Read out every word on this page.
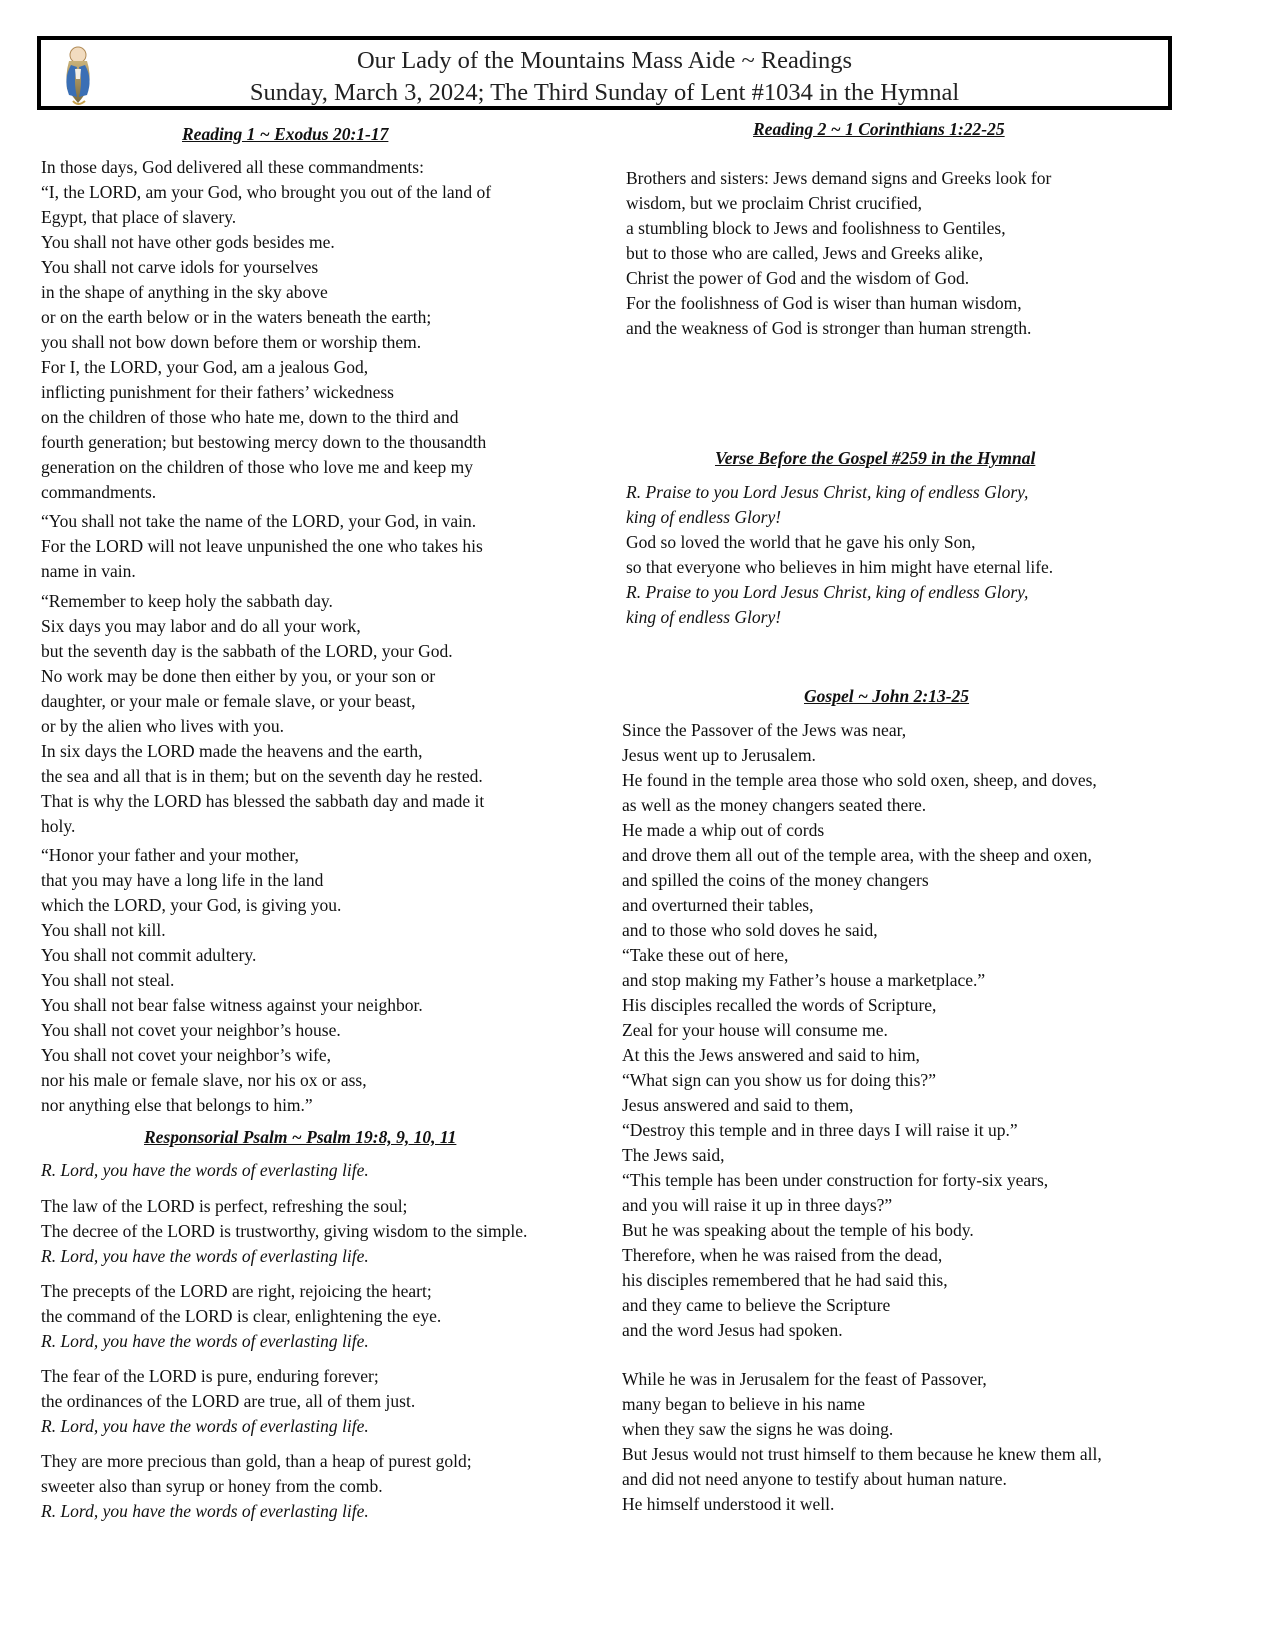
Our Lady of the Mountains Mass Aide ~ Readings
Sunday, March 3, 2024; The Third Sunday of Lent #1034 in the Hymnal
Reading 1 ~ Exodus 20:1-17
In those days, God delivered all these commandments:
“I, the LORD, am your God, who brought you out of the land of
Egypt, that place of slavery.
You shall not have other gods besides me.
You shall not carve idols for yourselves
in the shape of anything in the sky above
or on the earth below or in the waters beneath the earth;
you shall not bow down before them or worship them.
For I, the LORD, your God, am a jealous God,
inflicting punishment for their fathers’ wickedness
on the children of those who hate me, down to the third and
fourth generation; but bestowing mercy down to the thousandth
generation on the children of those who love me and keep my
commandments.
“You shall not take the name of the LORD, your God, in vain.
For the LORD will not leave unpunished the one who takes his
name in vain.
“Remember to keep holy the sabbath day.
Six days you may labor and do all your work,
but the seventh day is the sabbath of the LORD, your God.
No work may be done then either by you, or your son or
daughter, or your male or female slave, or your beast,
or by the alien who lives with you.
In six days the LORD made the heavens and the earth,
the sea and all that is in them; but on the seventh day he rested.
That is why the LORD has blessed the sabbath day and made it
holy.
“Honor your father and your mother,
that you may have a long life in the land
which the LORD, your God, is giving you.
You shall not kill.
You shall not commit adultery.
You shall not steal.
You shall not bear false witness against your neighbor.
You shall not covet your neighbor’s house.
You shall not covet your neighbor’s wife,
nor his male or female slave, nor his ox or ass,
nor anything else that belongs to him.”
Responsorial Psalm ~ Psalm 19:8, 9, 10, 11
R. Lord, you have the words of everlasting life.
The law of the LORD is perfect, refreshing the soul;
The decree of the LORD is trustworthy, giving wisdom to the simple.
R. Lord, you have the words of everlasting life.
The precepts of the LORD are right, rejoicing the heart;
the command of the LORD is clear, enlightening the eye.
R. Lord, you have the words of everlasting life.
The fear of the LORD is pure, enduring forever;
the ordinances of the LORD are true, all of them just.
R. Lord, you have the words of everlasting life.
They are more precious than gold, than a heap of purest gold;
sweeter also than syrup or honey from the comb.
R. Lord, you have the words of everlasting life.
Reading 2 ~ 1 Corinthians 1:22-25
Brothers and sisters: Jews demand signs and Greeks look for
wisdom, but we proclaim Christ crucified,
a stumbling block to Jews and foolishness to Gentiles,
but to those who are called, Jews and Greeks alike,
Christ the power of God and the wisdom of God.
For the foolishness of God is wiser than human wisdom,
and the weakness of God is stronger than human strength.
Verse Before the Gospel #259 in the Hymnal
R. Praise to you Lord Jesus Christ, king of endless Glory,
king of endless Glory!
God so loved the world that he gave his only Son,
so that everyone who believes in him might have eternal life.
R. Praise to you Lord Jesus Christ, king of endless Glory,
king of endless Glory!
Gospel ~ John 2:13-25
Since the Passover of the Jews was near,
Jesus went up to Jerusalem.
He found in the temple area those who sold oxen, sheep, and doves,
as well as the money changers seated there.
He made a whip out of cords
and drove them all out of the temple area, with the sheep and oxen,
and spilled the coins of the money changers
and overturned their tables,
and to those who sold doves he said,
“Take these out of here,
and stop making my Father’s house a marketplace.”
His disciples recalled the words of Scripture,
Zeal for your house will consume me.
At this the Jews answered and said to him,
“What sign can you show us for doing this?”
Jesus answered and said to them,
“Destroy this temple and in three days I will raise it up.”
The Jews said,
“This temple has been under construction for forty-six years,
and you will raise it up in three days?”
But he was speaking about the temple of his body.
Therefore, when he was raised from the dead,
his disciples remembered that he had said this,
and they came to believe the Scripture
and the word Jesus had spoken.
While he was in Jerusalem for the feast of Passover,
many began to believe in his name
when they saw the signs he was doing.
But Jesus would not trust himself to them because he knew them all,
and did not need anyone to testify about human nature.
He himself understood it well.
